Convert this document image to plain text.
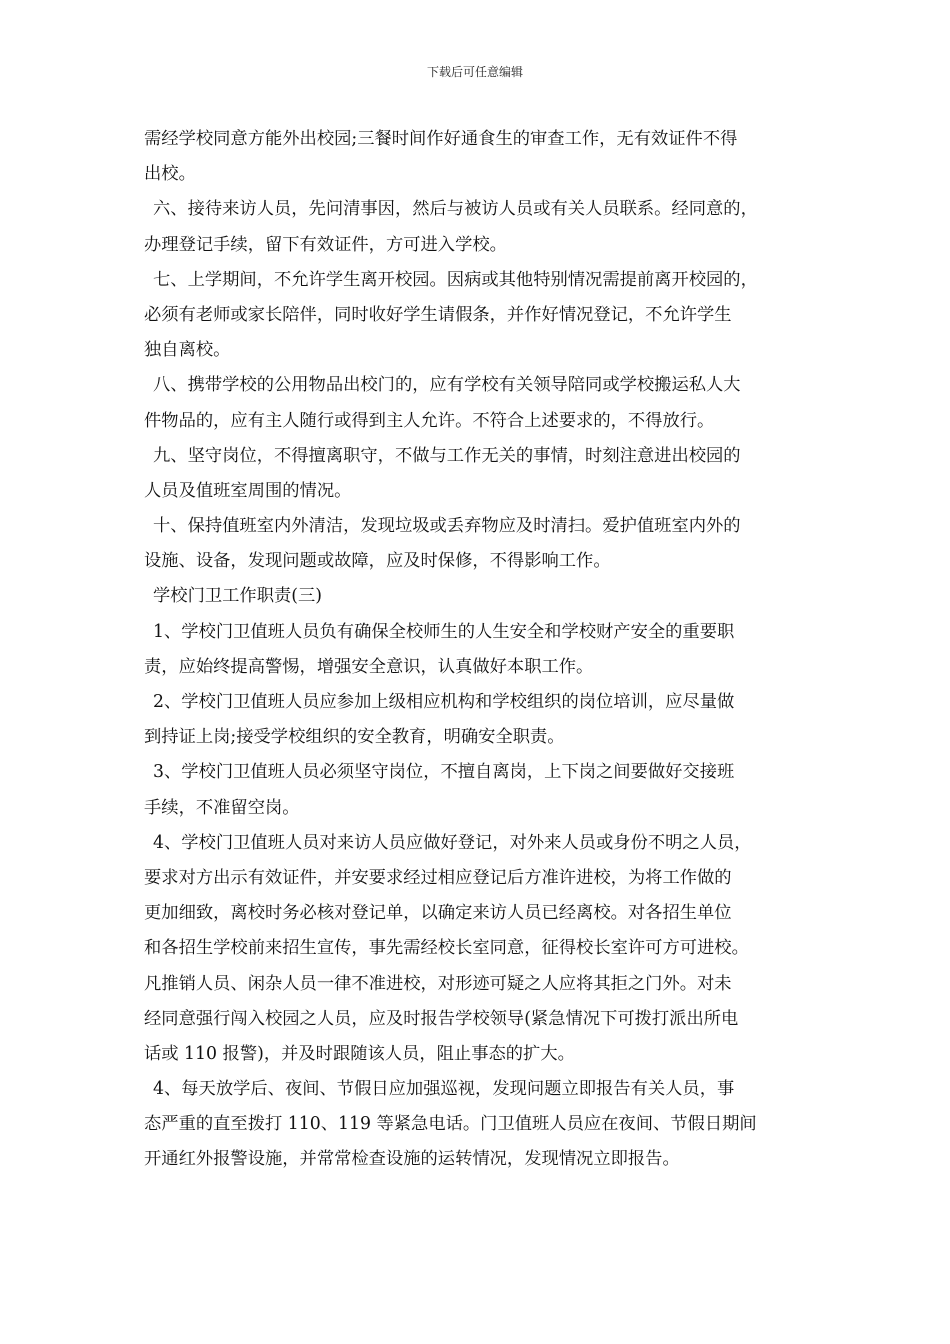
下载后可任意编辑
需经学校同意方能外出校园;三餐时间作好通食生的审查工作，无有效证件不得
出校。
六、接待来访人员，先问清事因，然后与被访人员或有关人员联系。经同意的，
办理登记手续，留下有效证件，方可进入学校。
七、上学期间，不允许学生离开校园。因病或其他特别情况需提前离开校园的，
必须有老师或家长陪伴，同时收好学生请假条，并作好情况登记，不允许学生
独自离校。
八、携带学校的公用物品出校门的，应有学校有关领导陪同或学校搬运私人大
件物品的，应有主人随行或得到主人允许。不符合上述要求的，不得放行。
九、坚守岗位，不得擅离职守，不做与工作无关的事情，时刻注意进出校园的
人员及值班室周围的情况。
十、保持值班室内外清洁，发现垃圾或丢弃物应及时清扫。爱护值班室内外的
设施、设备，发现问题或故障，应及时保修，不得影响工作。
学校门卫工作职责(三)
1、学校门卫值班人员负有确保全校师生的人生安全和学校财产安全的重要职
责，应始终提高警惕，增强安全意识，认真做好本职工作。
2、学校门卫值班人员应参加上级相应机构和学校组织的岗位培训，应尽量做
到持证上岗;接受学校组织的安全教育，明确安全职责。
3、学校门卫值班人员必须坚守岗位，不擅自离岗，上下岗之间要做好交接班
手续，不准留空岗。
4、学校门卫值班人员对来访人员应做好登记，对外来人员或身份不明之人员，
要求对方出示有效证件，并安要求经过相应登记后方准许进校，为将工作做的
更加细致，离校时务必核对登记单，以确定来访人员已经离校。对各招生单位
和各招生学校前来招生宣传，事先需经校长室同意，征得校长室许可方可进校。
凡推销人员、闲杂人员一律不准进校，对形迹可疑之人应将其拒之门外。对未
经同意强行闯入校园之人员，应及时报告学校领导(紧急情况下可拨打派出所电
话或 110 报警)，并及时跟随该人员，阻止事态的扩大。
4、每天放学后、夜间、节假日应加强巡视，发现问题立即报告有关人员，事
态严重的直至拨打 110、119 等紧急电话。门卫值班人员应在夜间、节假日期间
开通红外报警设施，并常常检查设施的运转情况，发现情况立即报告。
